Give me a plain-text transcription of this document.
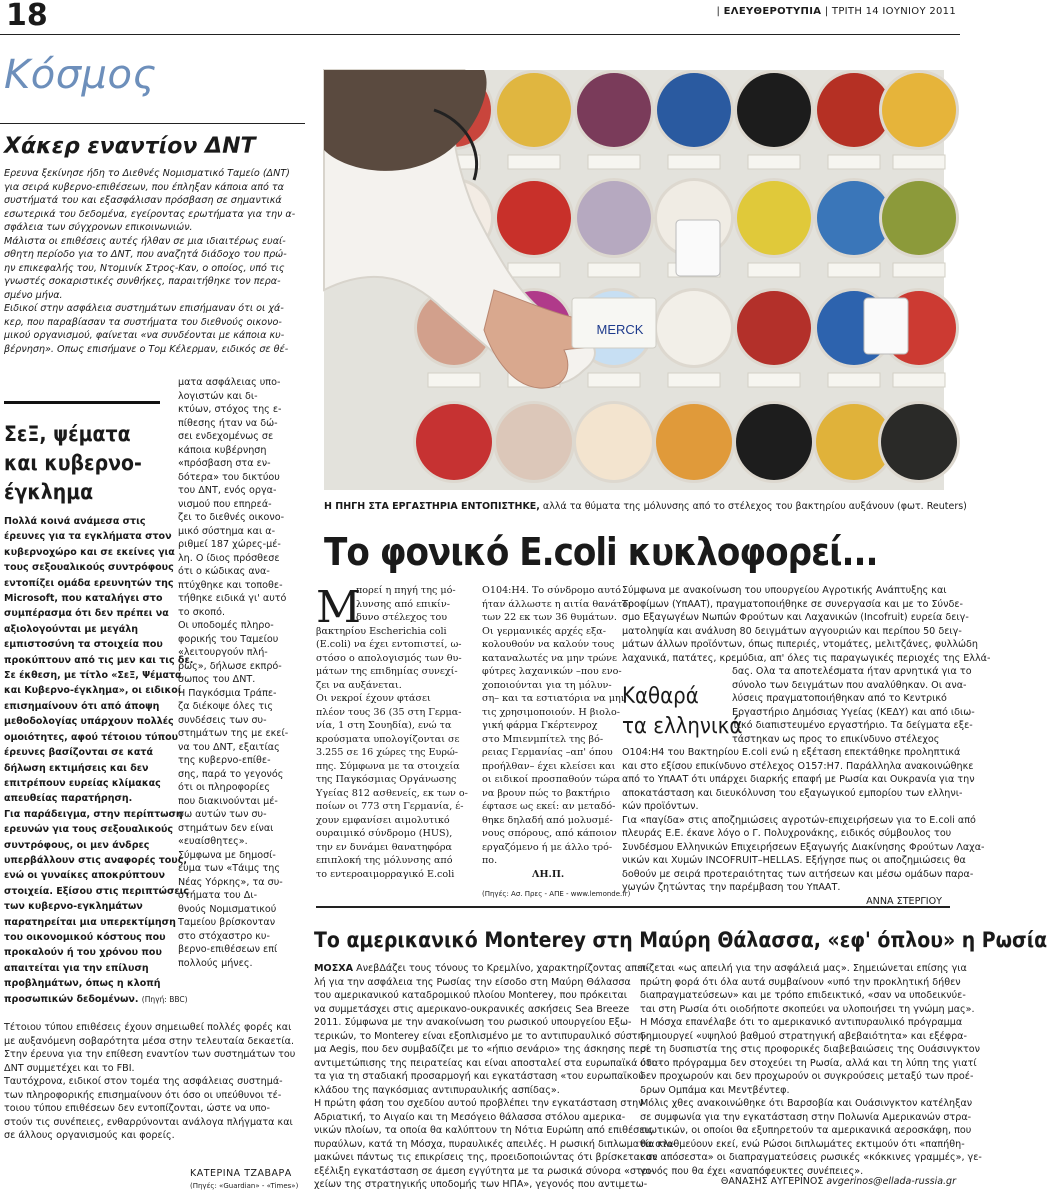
18	| ΕΛΕΥΘΕΡΟΤΥΠΙΑ | ΤΡΙΤΗ 14 ΙΟΥΝΙΟΥ 2011
Κόσμος
Χάκερ εναντίον ΔΝΤ
Ερευνα ξεκίνησε ήδη το Διεθνές Νομισματικό Ταμείο (ΔΝΤ)
για σειρά κυβερνο-επιθέσεων, που έπληξαν κάποια από τα
συστήματά του και εξασφάλισαν πρόσβαση σε σημαντικά
εσωτερικά του δεδομένα, εγείροντας ερωτήματα για την α-
σφάλεια των σύγχρονων επικοινωνιών.
Μάλιστα οι επιθέσεις αυτές ήλθαν σε μια ιδιαιτέρως ευαί-
σθητη περίοδο για το ΔΝΤ, που αναζητά διάδοχο του πρώ-
ην επικεφαλής του, Ντομινίκ Στρος-Καν, ο οποίος, υπό τις
γνωστές σοκαριστικές συνθήκες, παραιτήθηκε τον περα-
σμένο μήνα.
Ειδικοί στην ασφάλεια συστημάτων επισήμαναν ότι οι χά-
κερ, που παραβίασαν τα συστήματα του διεθνούς οικονο-
μικού οργανισμού, φαίνεται «να συνδέονται με κάποια κυ-
βέρνηση». Οπως επισήμανε ο Τομ Κέλερμαν, ειδικός σε θέ-
ματα ασφάλειας υπο-
λογιστών και δι-
κτύων, στόχος της ε-
πίθεσης ήταν να δώ-
σει ενδεχομένως σε
κάποια κυβέρνηση
«πρόσβαση στα εν-
δότερα» του δικτύου
του ΔΝΤ, ενός οργα-
νισμού που επηρεά-
ζει το διεθνές οικονο-
μικό σύστημα και α-
ριθμεί 187 χώρες-μέ-
λη. Ο ίδιος πρόσθεσε
ότι ο κώδικας ανα-
πτύχθηκε και τοποθε-
τήθηκε ειδικά γι' αυτό
το σκοπό.
Οι υποδομές πληρο-
φορικής του Ταμείου
«λειτουργούν πλή-
ρως», δήλωσε εκπρό-
σωπος του ΔΝΤ.
Η Παγκόσμια Τράπε-
ζα διέκοψε όλες τις
συνδέσεις των συ-
στημάτων της με εκεί-
να του ΔΝΤ, εξαιτίας
της κυβερνο-επίθε-
σης, παρά το γεγονός
ότι οι πληροφορίες
που διακινούνται μέ-
σω αυτών των συ-
στημάτων δεν είναι
«ευαίσθητες».
Σύμφωνα με δημοσί-
ευμα των «Τάιμς της
Νέας Υόρκης», τα συ-
στήματα του Δι-
θνούς Νομισματικού
Ταμείου βρίσκονταν
στο στόχαστρο κυ-
βερνο-επιθέσεων επί
πολλούς μήνες.
Τέτοιου τύπου επιθέσεις έχουν σημειωθεί πολλές φορές και
με αυξανόμενη σοβαρότητα μέσα στην τελευταία δεκαετία.
Στην έρευνα για την επίθεση εναντίον των συστημάτων του
ΔΝΤ συμμετέχει και το FBI.
Ταυτόχρονα, ειδικοί στον τομέα της ασφάλειας συστημά-
των πληροφορικής επισημαίνουν ότι όσο οι υπεύθυνοι τέ-
τοιου τύπου επιθέσεων δεν εντοπίζονται, ώστε να υπο-
στούν τις συνέπειες, ενθαρρύνονται ανάλογα πλήγματα και
σε άλλους οργανισμούς και φορείς.
ΚΑΤΕΡΙΝΑ ΤΖΑΒΑΡΑ
(Πηγές: «Guardian» - «Times»)
ΣεΞ, ψέματα
και κυβερνο-
έγκλημα
Πολλά κοινά ανάμεσα στις
έρευνες για τα εγκλήματα στον
κυβερνοχώρο και σε εκείνες για
τους σεξουαλικούς συντρόφους
εντοπίζει ομάδα ερευνητών της
Microsoft, που καταλήγει στο
συμπέρασμα ότι δεν πρέπει να
αξιολογούνται με μεγάλη
εμπιστοσύνη τα στοιχεία που
προκύπτουν από τις μεν και τις δε.
Σε έκθεση, με τίτλο «ΣεΞ, Ψέματα
και Κυβερνο-έγκλημα», οι ειδικοί
επισημαίνουν ότι από άποψη
μεθοδολογίας υπάρχουν πολλές
ομοιότητες, αφού τέτοιου τύπου
έρευνες βασίζονται σε κατά
δήλωση εκτιμήσεις και δεν
επιτρέπουν ευρείας κλίμακας
απευθείας παρατήρηση.
Για παράδειγμα, στην περίπτωση
ερευνών για τους σεξουαλικούς
συντρόφους, οι μεν άνδρες
υπερβάλλουν στις αναφορές τους,
ενώ οι γυναίκες αποκρύπτουν
στοιχεία. Εξίσου στις περιπτώσεις
των κυβερνο-εγκλημάτων
παρατηρείται μια υπερεκτίμηση
του οικονομικού κόστους που
προκαλούν ή του χρόνου που
απαιτείται για την επίλυση
προβλημάτων, όπως η κλοπή
προσωπικών δεδομένων. (Πηγή: BBC)
MERCK
Η ΠΗΓΗ ΣΤΑ ΕΡΓΑΣΤΗΡΙΑ ΕΝΤΟΠΙΣΤΗΚΕ, αλλά τα θύματα της μόλυνσης από το στέλεχος του βακτηρίου αυξάνουν (φωτ. Reuters)
Το φονικό E.coli κυκλοφορεί...
Μ
πορεί η πηγή της μό-
λυνσης από επικίν-
δυνο στέλεχος του
βακτηρίου Escherichia coli
(E.coli) να έχει εντοπιστεί, ω-
στόσο ο απολογισμός των θυ-
μάτων της επιδημίας συνεχί-
ζει να αυξάνεται.
Οι νεκροί έχουν φτάσει
πλέον τους 36 (35 στη Γερμα-
νία, 1 στη Σουηδία), ενώ τα
κρούσματα υπολογίζονται σε
3.255 σε 16 χώρες της Ευρώ-
πης. Σύμφωνα με τα στοιχεία
της Παγκόσμιας Οργάνωσης
Υγείας 812 ασθενείς, εκ των ο-
ποίων οι 773 στη Γερμανία, έ-
χουν εμφανίσει αιμολυτικό
ουραιμικό σύνδρομο (HUS),
την εν δυνάμει θανατηφόρα
επιπλοκή της μόλυνσης από
το εντεροαιμορραγικό E.coli
O104:H4. Το σύνδρομο αυτό
ήταν άλλωστε η αιτία θανάτου
των 22 εκ των 36 θυμάτων.
Οι γερμανικές αρχές εξα-
κολουθούν να καλούν τους
καταναλωτές να μην τρώνε
φύτρες λαχανικών –που ενο-
χοποιούνται για τη μόλυν-
ση– και τα εστιατόρια να μην
τις χρησιμοποιούν. Η βιολο-
γική φάρμα Γκέρτενροχ
στο Μπιενμπίτελ της βό-
ρειας Γερμανίας –απ' όπου
προήλθαν– έχει κλείσει και
οι ειδικοί προσπαθούν τώρα
να βρουν πώς το βακτήριο
έφτασε ως εκεί: αν μεταδό-
θηκε δηλαδή από μολυσμέ-
νους σπόρους, από κάποιον
εργαζόμενο ή με άλλο τρό-
πο.
ΛΗ.Π.
(Πηγές: Ασ. Πρες - ΑΠΕ - www.lemonde.fr)
Σύμφωνα με ανακοίνωση του υπουργείου Αγροτικής Ανάπτυξης και
Τροφίμων (ΥπΑΑΤ), πραγματοποιήθηκε σε συνεργασία και με το Σύνδε-
σμο Εξαγωγέων Νωπών Φρούτων και Λαχανικών (Incofruit) ευρεία δειγ-
ματοληψία και ανάλυση 80 δειγμάτων αγγουριών και περίπου 50 δειγ-
μάτων άλλων προϊόντων, όπως πιπεριές, ντομάτες, μελιτζάνες, φυλλώδη
λαχανικά, πατάτες, κρεμύδια, απ' όλες τις παραγωγικές περιοχές της Ελλά-
δας. Ολα τα αποτελέσματα ήταν αρνητικά για το
σύνολο των δειγμάτων που αναλύθηκαν. Οι ανα-
λύσεις πραγματοποιήθηκαν από το Κεντρικό
Εργαστήριο Δημόσιας Υγείας (ΚΕΔΥ) και από ιδιω-
τικό διαπιστευμένο εργαστήριο. Τα δείγματα εξε-
τάστηκαν ως προς το επικίνδυνο στέλεχος
O104:H4 του Βακτηρίου E.coli ενώ η εξέταση επεκτάθηκε προληπτικά
και στο εξίσου επικίνδυνο στέλεχος O157:H7. Παράλληλα ανακοινώθηκε
από το ΥπΑΑΤ ότι υπάρχει διαρκής επαφή με Ρωσία και Ουκρανία για την
αποκατάσταση και διευκόλυνση του εξαγωγικού εμπορίου των ελληνι-
κών προϊόντων.
Για «παγίδα» στις αποζημιώσεις αγροτών-επιχειρήσεων για το E.coli από
πλευράς Ε.Ε. έκανε λόγο ο Γ. Πολυχρονάκης, ειδικός σύμβουλος του
Συνδέσμου Ελληνικών Επιχειρήσεων Εξαγωγής Διακίνησης Φρούτων Λαχα-
νικών και Χυμών INCOFRUIT–HELLAS. Εξήγησε πως οι αποζημιώσεις θα
δοθούν με σειρά προτεραιότητας των αιτήσεων και μέσω ομάδων παρα-
γωγών ζητώντας την παρέμβαση του ΥπΑΑΤ.
ΑΝΝΑ ΣΤΕΡΓΙΟΥ
Καθαρά
τα ελληνικά
Το αμερικανικό Monterey στη Μαύρη Θάλασσα, «εφ' όπλου» η Ρωσία
ΜΟΣΧΑ ΑνεβΔάζει τους τόνους το Κρεμλίνο, χαρακτηρίζοντας απει-
λή για την ασφάλεια της Ρωσίας την είσοδο στη Μαύρη Θάλασσα
του αμερικανικού καταδρομικού πλοίου Monterey, που πρόκειται
να συμμετάσχει στις αμερικανο-ουκρανικές ασκήσεις Sea Breeze
2011. Σύμφωνα με την ανακοίνωση του ρωσικού υπουργείου Εξω-
τερικών, το Monterey είναι εξοπλισμένο με το αντιπυραυλικό σύστη-
μα Aegis, που δεν συμβαδίζει με το «ήπιο σενάριο» της άσκησης περί
αντιμετώπισης της πειρατείας και είναι αποσταλεί στα ευρωπαϊκά ύδα-
τα για τη σταδιακή προσαρμογή και εγκατάσταση «του ευρωπαϊκού
κλάδου της παγκόσμιας αντιπυραυλικής ασπίδας».
Η πρώτη φάση του σχεδίου αυτού προβλέπει την εγκατάσταση στην
Αδριατική, το Αιγαίο και τη Μεσόγειο θάλασσα στόλου αμερικα-
νικών πλοίων, τα οποία θα καλύπτουν τη Νότια Ευρώπη από επιθέσεις
πυραύλων, κατά τη Μόσχα, πυραυλικές απειλές. Η ρωσική διπλωματία κλι-
μακώνει πάντως τις επικρίσεις της, προειδοποιώντας ότι βρίσκεται σε
εξέλιξη εγκατάσταση σε άμεση εγγύτητα με τα ρωσικά σύνορα «στοι-
χείων της στρατηγικής υποδομής των ΗΠΑ», γεγονός που αντιμετω-
πίζεται «ως απειλή για την ασφάλειά μας». Σημειώνεται επίσης για
πρώτη φορά ότι όλα αυτά συμβαίνουν «υπό την προκλητική δήθεν
διαπραγματεύσεων» και με τρόπο επιδεικτικό, «σαν να υποδεικνύε-
ται στη Ρωσία ότι οιοδήποτε σκοπεύει να υλοποιήσει τη γνώμη μας».
Η Μόσχα επανέλαβε ότι το αμερικανικό αντιπυραυλικό πρόγραμμα
δημιουργεί «υψηλού βαθμού στρατηγική αβεβαιότητα» και εξέφρα-
σε τη δυσπιστία της στις προφορικές διαβεβαιώσεις της Ουάσινγκτον
ότι το πρόγραμμα δεν στοχεύει τη Ρωσία, αλλά και τη λύπη της γιατί
δεν προχωρούν και δεν προχωρούν οι συγκρούσεις μεταξύ των προέ-
δρων Ομπάμα και Μεντβέντεφ.
Μόλις χθες ανακοινώθηκε ότι Βαρσοβία και Ουάσινγκτον κατέληξαν
σε συμφωνία για την εγκατάσταση στην Πολωνία Αμερικανών στρα-
τιωτικών, οι οποίοι θα εξυπηρετούν τα αμερικανικά αεροσκάφη, που
θα σταθμεύουν εκεί, ενώ Ρώσοι διπλωμάτες εκτιμούν ότι «παπήθη-
καν απόσεστα» οι διαπραγματεύσεις ρωσικές «κόκκινες γραμμές», γε-
γονός που θα έχει «αναπόφευκτες συνέπειες».
ΘΑΝΑΣΗΣ ΑΥΓΕΡΙΝΟΣ avgerinos@ellada-russia.gr
